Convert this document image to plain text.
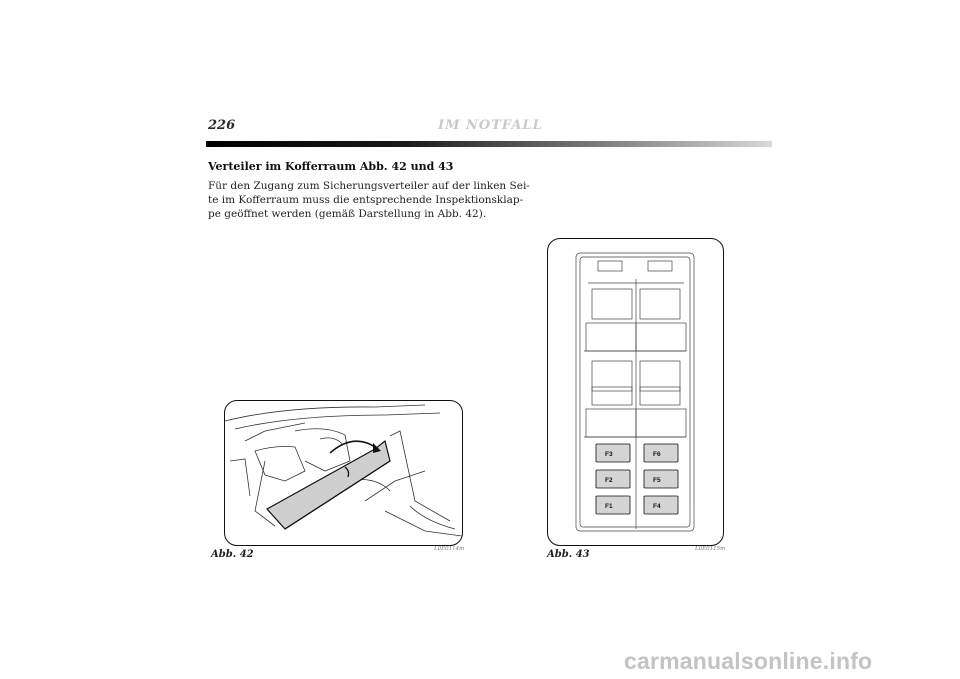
226	IM NOTFALL
Verteiler im Kofferraum Abb. 42 und 43
Für den Zugang zum Sicherungsverteiler auf der linken Sei-
te im Kofferraum muss die entsprechende Inspektionsklap-
pe geöffnet werden (gemäß Darstellung in Abb. 42).
Abb. 42	L0E0114m
F3	F6
F2	F5
F1	F4
Abb. 43	L0E0115m
carmanualsonline.info
